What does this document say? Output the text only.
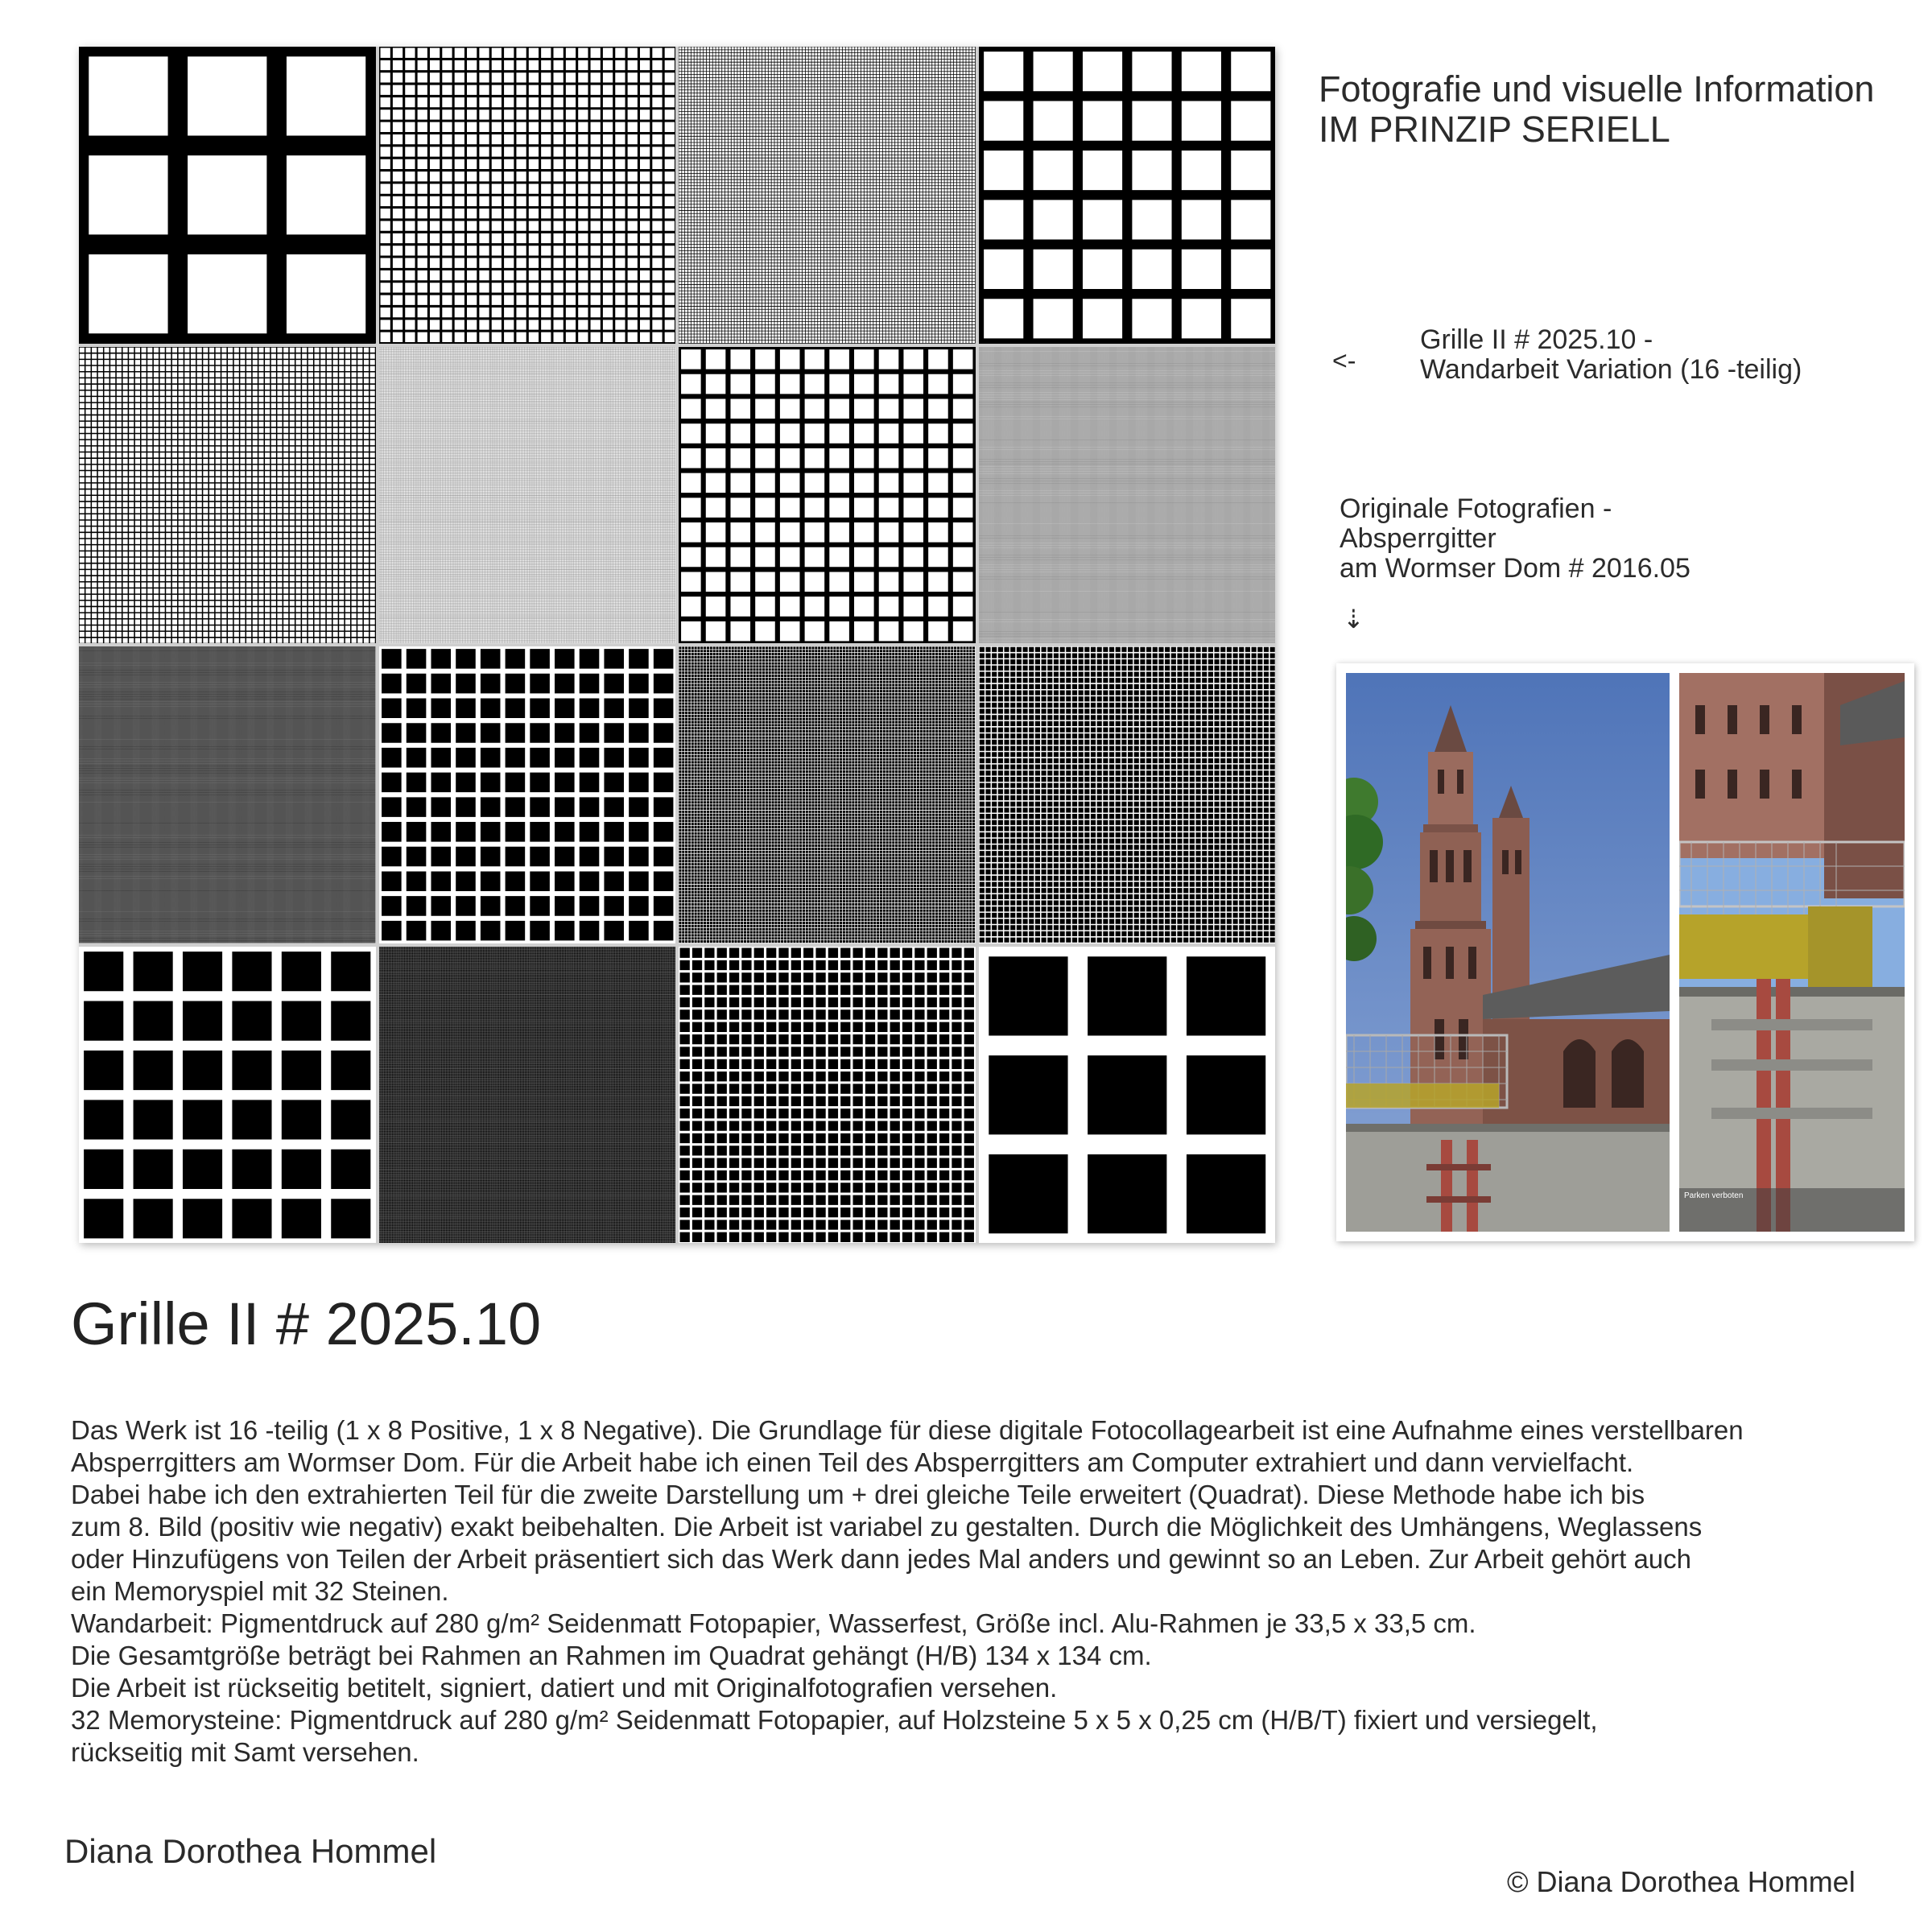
Fotografie und visuelle Information
IM PRINZIP SERIELL
<-
Grille II # 2025.10 -
Wandarbeit Variation (16 -teilig)
Originale Fotografien -
Absperrgitter
am Wormser Dom # 2016.05
⇣
Parken verboten
Grille II # 2025.10

Das Werk ist 16 -teilig (1 x 8 Positive, 1 x 8 Negative). Die Grundlage für diese digitale Fotocollagearbeit ist eine Aufnahme eines verstellbaren

Absperrgitters am Wormser Dom. Für die Arbeit habe ich einen Teil des Absperrgitters am Computer extrahiert und dann vervielfacht.

Dabei habe ich den extrahierten Teil für die zweite Darstellung um + drei gleiche Teile erweitert (Quadrat). Diese Methode habe ich bis

zum 8. Bild (positiv wie negativ) exakt beibehalten. Die Arbeit ist variabel zu gestalten. Durch die Möglichkeit des Umhängens, Weglassens

oder Hinzufügens von Teilen der Arbeit präsentiert sich das Werk dann jedes Mal anders und gewinnt so an Leben. Zur Arbeit gehört auch

ein Memoryspiel mit 32 Steinen.

Wandarbeit: Pigmentdruck auf 280 g/m² Seidenmatt Fotopapier, Wasserfest, Größe incl. Alu-Rahmen je 33,5 x 33,5 cm.

Die Gesamtgröße beträgt bei Rahmen an Rahmen im Quadrat gehängt (H/B) 134 x 134 cm.

Die Arbeit ist rückseitig betitelt, signiert, datiert und mit Originalfotografien versehen.

32 Memorysteine: Pigmentdruck auf 280 g/m² Seidenmatt Fotopapier, auf Holzsteine 5 x 5 x 0,25 cm (H/B/T) fixiert und versiegelt,

rückseitig mit Samt versehen.

Diana Dorothea Hommel
© Diana Dorothea Hommel
